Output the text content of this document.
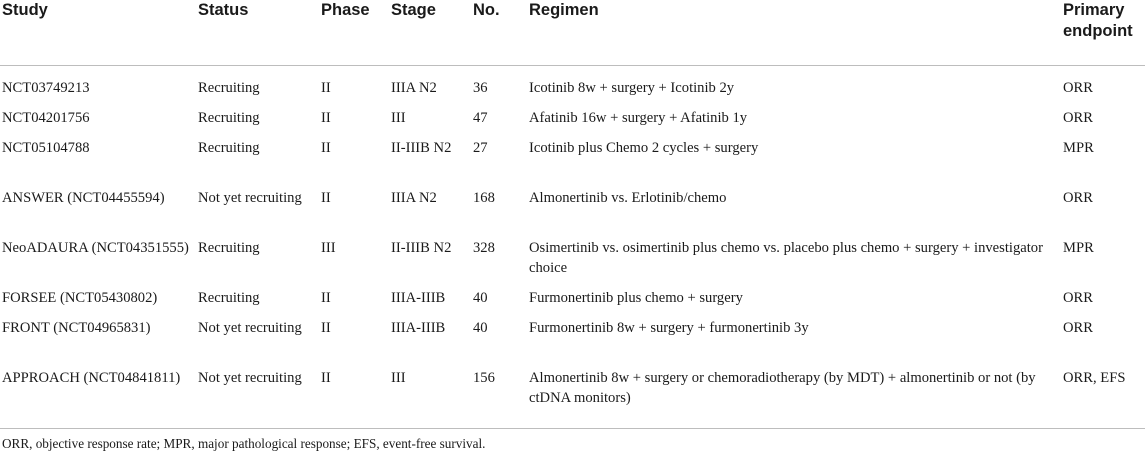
Study	Status	Phase	Stage	No.	Regimen	Primary endpoint
NCT03749213	Recruiting	II	IIIA N2	36	Icotinib 8w + surgery + Icotinib 2y	ORR
NCT04201756	Recruiting	II	III	47	Afatinib 16w + surgery + Afatinib 1y	ORR
NCT05104788	Recruiting	II	II-IIIB N2	27	Icotinib plus Chemo 2 cycles + surgery	MPR
ANSWER (NCT04455594)	Not yet recruiting	II	IIIA N2	168	Almonertinib vs. Erlotinib/chemo	ORR
NeoADAURA (NCT04351555)	Recruiting	III	II-IIIB N2	328	Osimertinib vs. osimertinib plus chemo vs. placebo plus chemo + surgery + investigator choice	MPR
FORSEE (NCT05430802)	Recruiting	II	IIIA-IIIB	40	Furmonertinib plus chemo + surgery	ORR
FRONT (NCT04965831)	Not yet recruiting	II	IIIA-IIIB	40	Furmonertinib 8w + surgery + furmonertinib 3y	ORR
APPROACH (NCT04841811)	Not yet recruiting	II	III	156	Almonertinib 8w + surgery or chemoradiotherapy (by MDT) + almonertinib or not (by ctDNA monitors)	ORR, EFS
ORR, objective response rate; MPR, major pathological response; EFS, event-free survival.
